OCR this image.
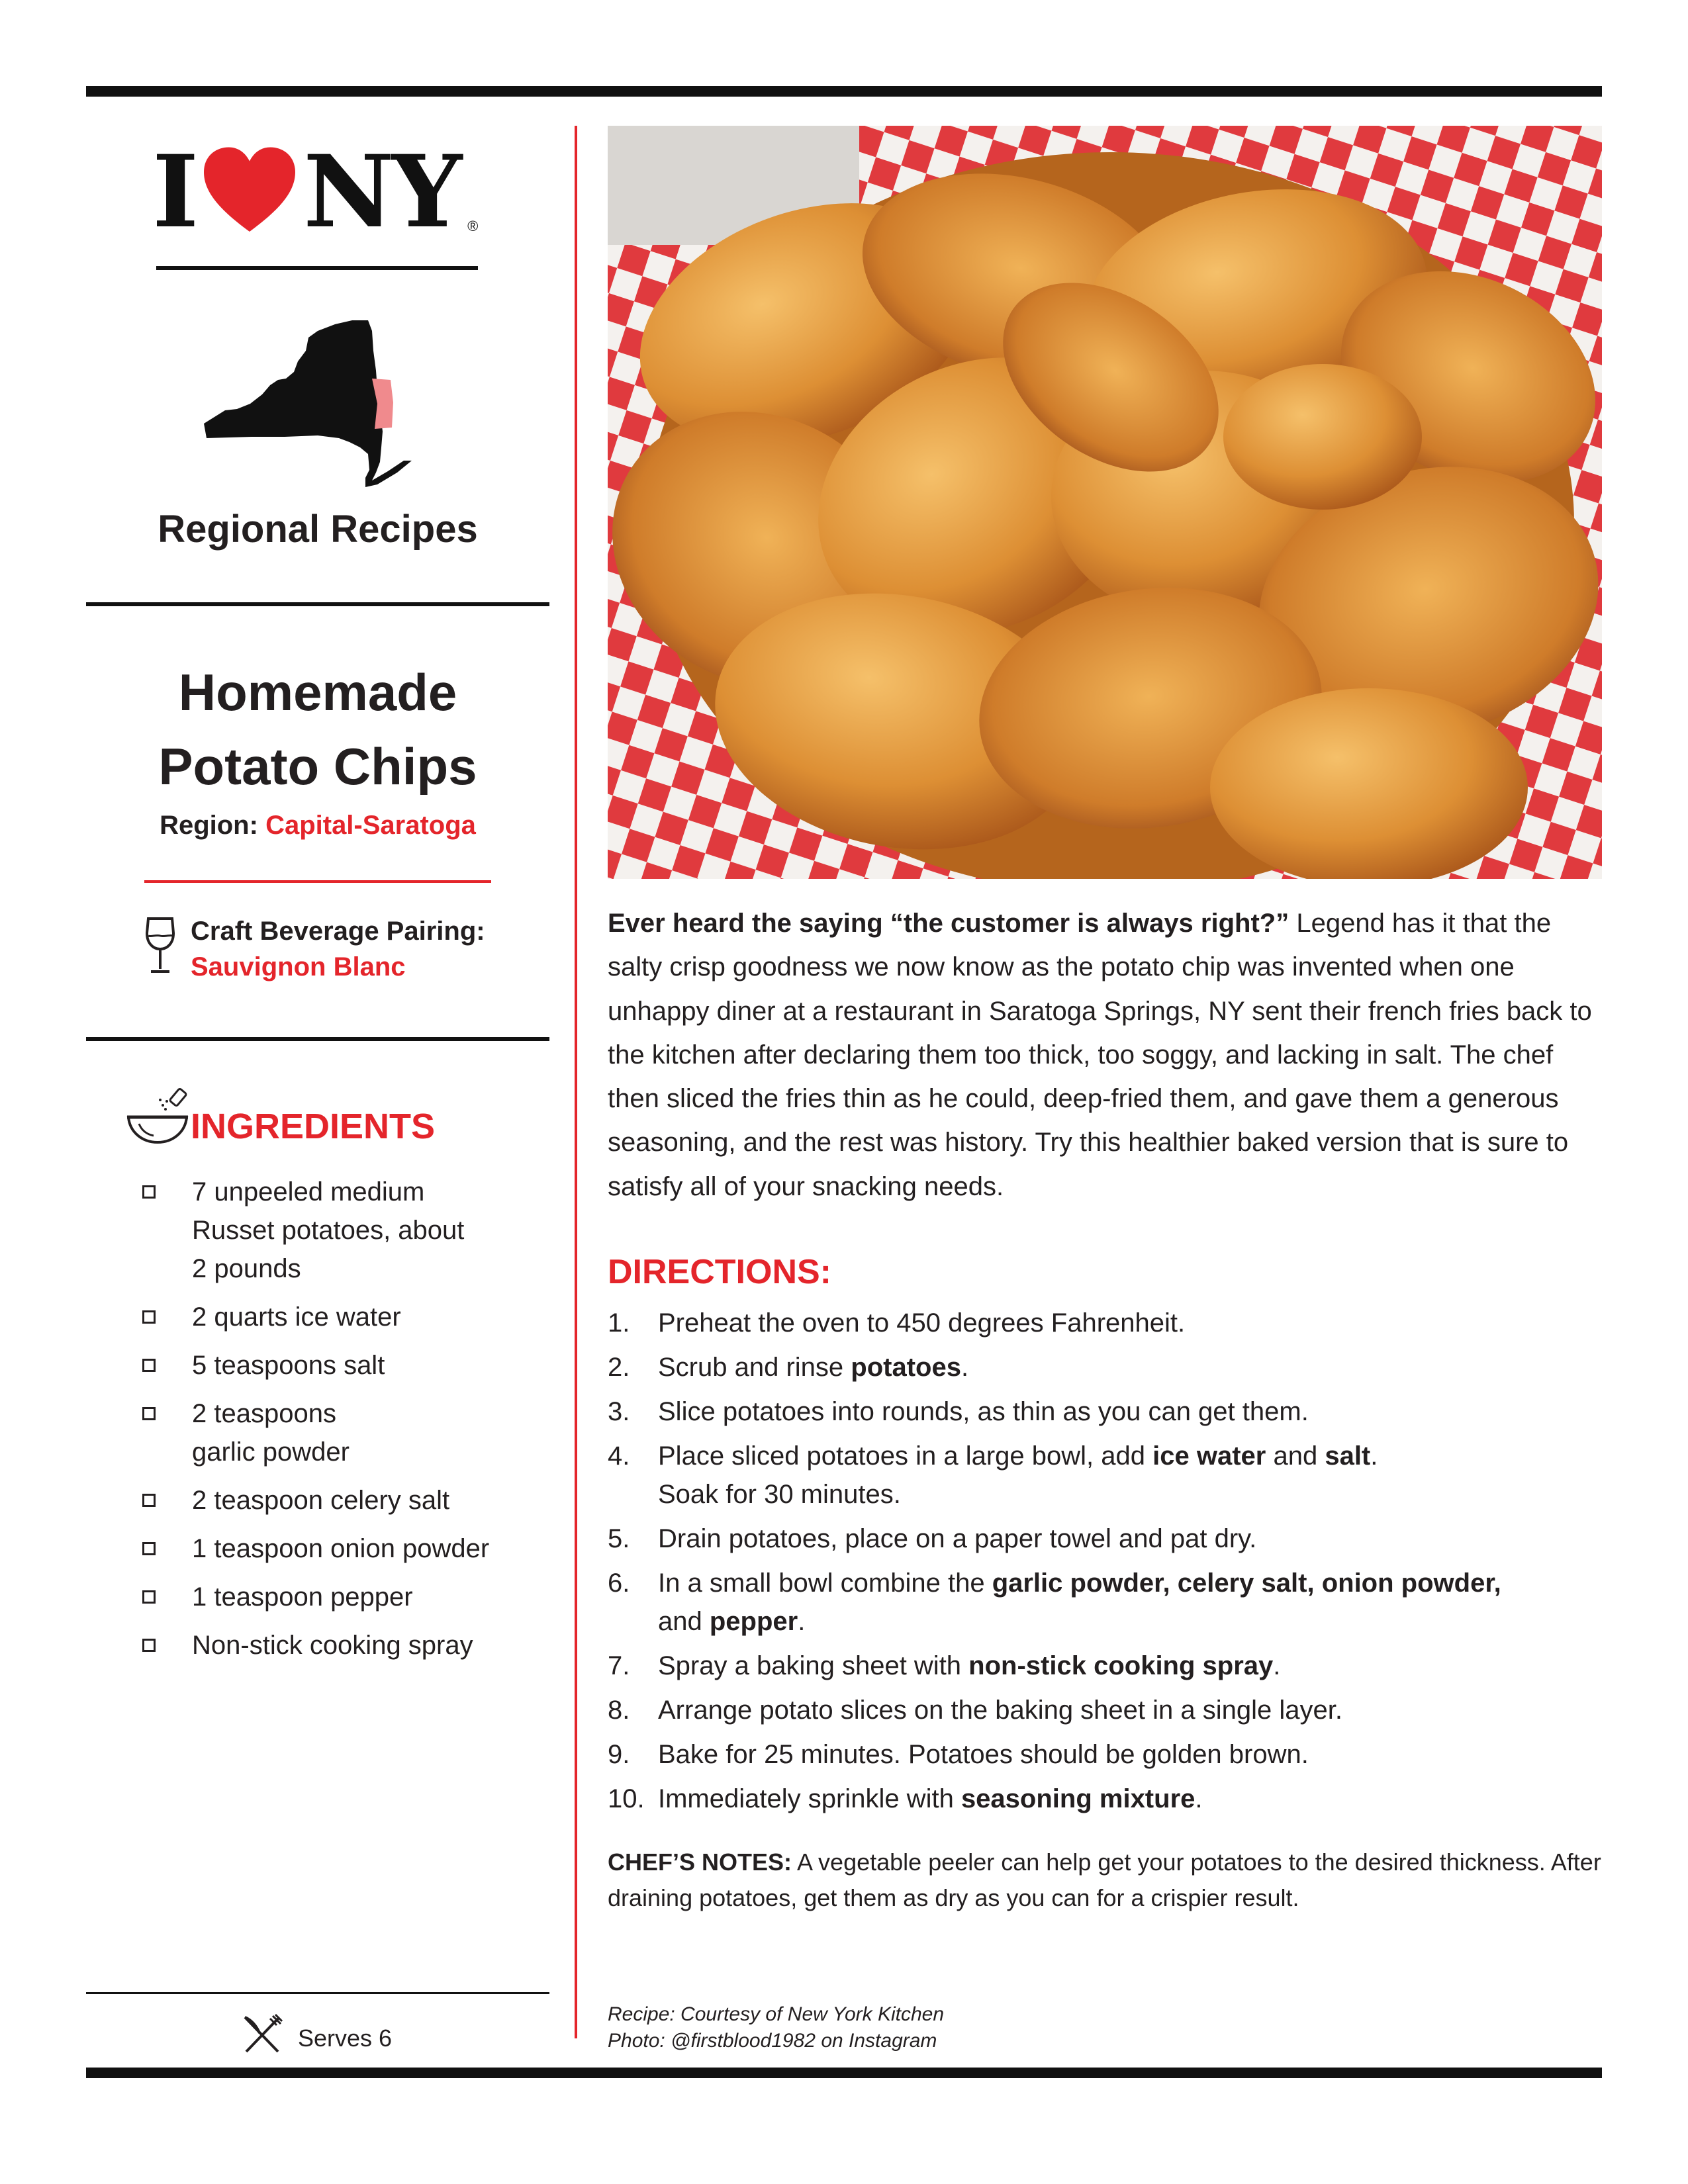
I NY ®
Regional Recipes
Homemade
Potato Chips
Region: Capital-Saratoga
Craft Beverage Pairing:
Sauvignon Blanc
INGREDIENTS
7 unpeeled medium
Russet potatoes, about
2 pounds
2 quarts ice water
5 teaspoons salt
2 teaspoons
garlic powder
2 teaspoon celery salt
1 teaspoon onion powder
1 teaspoon pepper
Non-stick cooking spray
Serves 6

Ever heard the saying “the customer is always right?” Legend has it that the salty crisp goodness we now know as the potato chip was invented when one unhappy diner at a restaurant in Saratoga Springs, NY sent their french fries back to the kitchen after declaring them too thick, too soggy, and lacking in salt. The chef then sliced the fries thin as he could, deep-fried them, and gave them a generous seasoning, and the rest was history. Try this healthier baked version that is sure to satisfy all of your snacking needs.

DIRECTIONS:
1. Preheat the oven to 450 degrees Fahrenheit.
2. Scrub and rinse potatoes.
3. Slice potatoes into rounds, as thin as you can get them.
4. Place sliced potatoes in a large bowl, add ice water and salt.
Soak for 30 minutes.
5. Drain potatoes, place on a paper towel and pat dry.
6. In a small bowl combine the garlic powder, celery salt, onion powder,
and pepper.
7. Spray a baking sheet with non-stick cooking spray.
8. Arrange potato slices on the baking sheet in a single layer.
9. Bake for 25 minutes. Potatoes should be golden brown.
10. Immediately sprinkle with seasoning mixture.

CHEF’S NOTES: A vegetable peeler can help get your potatoes to the desired thickness. After draining potatoes, get them as dry as you can for a crispier result.

Recipe: Courtesy of New York Kitchen
Photo: @firstblood1982 on Instagram
